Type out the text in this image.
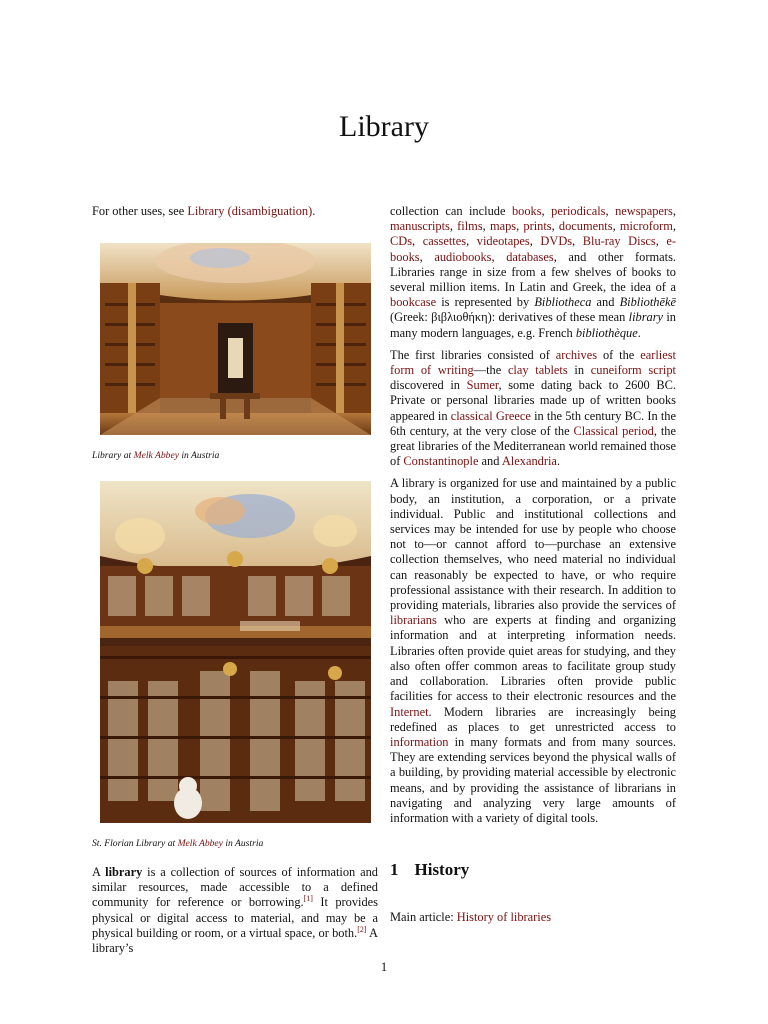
Library
For other uses, see Library (disambiguation).
Library at Melk Abbey in Austria
St. Florian Library at Melk Abbey in Austria

A library is a collection of sources of information and similar resources, made accessible to a defined community for reference or borrowing.[1] It provides physical or digital access to material, and may be a physical building or room, or a virtual space, or both.[2] A library’s

collection can include books, periodicals, newspapers, manuscripts, films, maps, prints, documents, microform, CDs, cassettes, videotapes, DVDs, Blu-ray Discs, e-books, audiobooks, databases, and other formats. Libraries range in size from a few shelves of books to several million items. In Latin and Greek, the idea of a bookcase is represented by Bibliotheca and Bibliothēkē (Greek: βιβλιοθήκη): derivatives of these mean library in many modern languages, e.g. French bibliothèque.

The first libraries consisted of archives of the earliest form of writing—the clay tablets in cuneiform script discovered in Sumer, some dating back to 2600 BC. Private or personal libraries made up of written books appeared in classical Greece in the 5th century BC. In the 6th century, at the very close of the Classical period, the great libraries of the Mediterranean world remained those of Constantinople and Alexandria.

A library is organized for use and maintained by a public body, an institution, a corporation, or a private individual. Public and institutional collections and services may be intended for use by people who choose not to—or cannot afford to—purchase an extensive collection themselves, who need material no individual can reasonably be expected to have, or who require professional assistance with their research. In addition to providing materials, libraries also provide the services of librarians who are experts at finding and organizing information and at interpreting information needs. Libraries often provide quiet areas for studying, and they also often offer common areas to facilitate group study and collaboration. Libraries often provide public facilities for access to their electronic resources and the Internet. Modern libraries are increasingly being redefined as places to get unrestricted access to information in many formats and from many sources. They are extending services beyond the physical walls of a building, by providing material accessible by electronic means, and by providing the assistance of librarians in navigating and analyzing very large amounts of information with a variety of digital tools.

1 History
Main article: History of libraries
1
